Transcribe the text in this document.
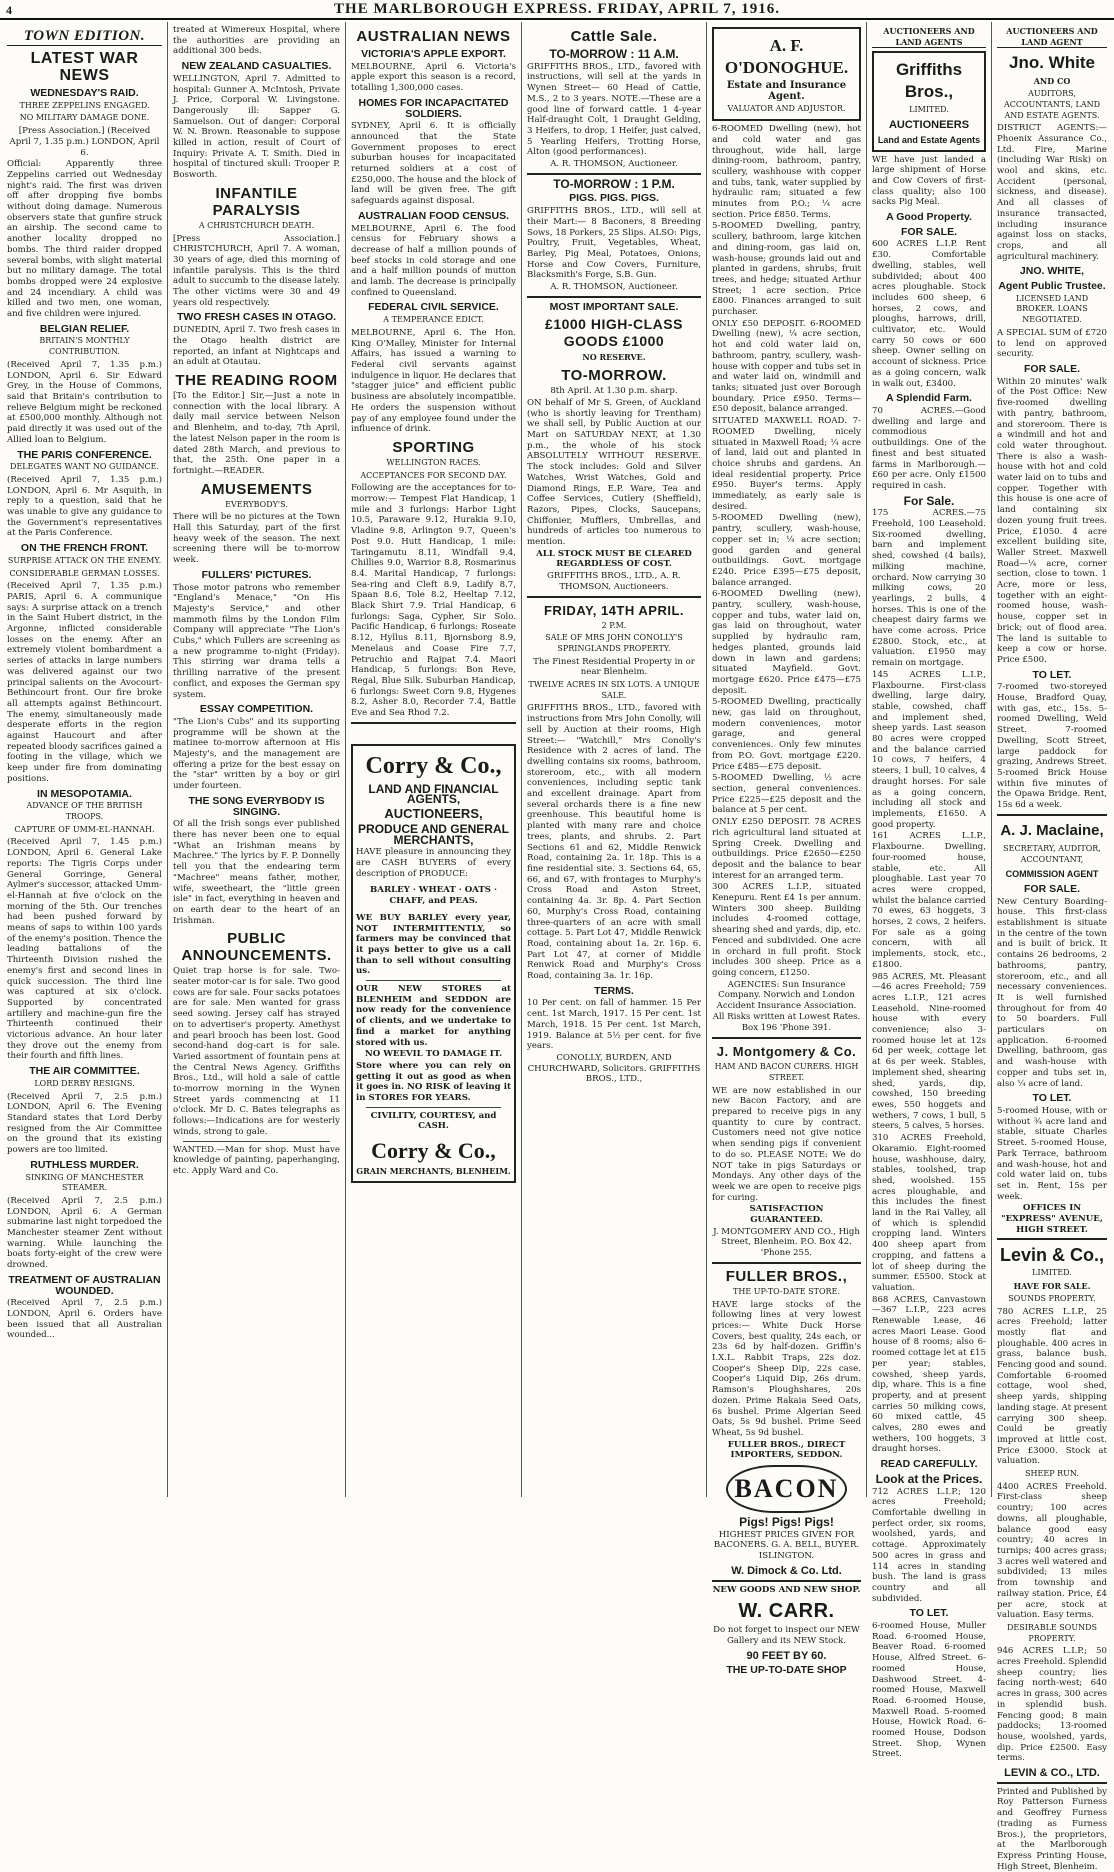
4	THE MARLBOROUGH EXPRESS. FRIDAY, APRIL 7, 1916.
TOWN EDITION.
LATEST WAR NEWS
WEDNESDAY'S RAID.
THREE ZEPPELINS ENGAGED.
NO MILITARY DAMAGE DONE.

[Press Association.] (Received April 7, 1.35 p.m.) LONDON, April 6.

Official: Apparently three Zeppelins carried out Wednesday night's raid. The first was driven off after dropping five bombs without doing damage. Numerous observers state that gunfire struck an airship. The second came to another locality dropped no bombs. The third raider dropped several bombs, with slight material but no military damage. The total bombs dropped were 24 explosive and 24 incendiary. A child was killed and two men, one woman, and five children were injured.

BELGIAN RELIEF.
BRITAIN'S MONTHLY CONTRIBUTION.

(Received April 7, 1.35 p.m.) LONDON, April 6. Sir Edward Grey, in the House of Commons, said that Britain's contribution to relieve Belgium might be reckoned at £500,000 monthly. Although not paid directly it was used out of the Allied loan to Belgium.

THE PARIS CONFERENCE.
DELEGATES WANT NO GUIDANCE.

(Received April 7, 1.35 p.m.) LONDON, April 6. Mr Asquith, in reply to a question, said that he was unable to give any guidance to the Government's representatives at the Paris Conference.

ON THE FRENCH FRONT.
SURPRISE ATTACK ON THE ENEMY.
CONSIDERABLE GERMAN LOSSES.

(Received April 7, 1.35 p.m.) PARIS, April 6. A communique says: A surprise attack on a trench in the Saint Hubert district, in the Argonne, inflicted considerable losses on the enemy. After an extremely violent bombardment a series of attacks in large numbers was delivered against our two principal salients on the Avocourt-Bethincourt front. Our fire broke all attempts against Bethincourt. The enemy, simultaneously made desperate efforts in the region against Haucourt and after repeated bloody sacrifices gained a footing in the village, which we keep under fire from dominating positions.

IN MESOPOTAMIA.
ADVANCE OF THE BRITISH TROOPS.
CAPTURE OF UMM-EL-HANNAH.

(Received April 7, 1.45 p.m.) LONDON, April 6. General Lake reports: The Tigris Corps under General Gorringe, General Aylmer's successor, attacked Umm-el-Hannah at five o'clock on the morning of the 5th. Our trenches had been pushed forward by means of saps to within 100 yards of the enemy's position. Thence the leading battalions of the Thirteenth Division rushed the enemy's first and second lines in quick succession. The third line was captured at six o'clock. Supported by concentrated artillery and machine-gun fire the Thirteenth continued their victorious advance. An hour later they drove out the enemy from their fourth and fifth lines.

THE AIR COMMITTEE.
LORD DERBY RESIGNS.

(Received April 7, 2.5 p.m.) LONDON, April 6. The Evening Standard states that Lord Derby resigned from the Air Committee on the ground that its existing powers are too limited.

RUTHLESS MURDER.
SINKING OF MANCHESTER STEAMER.

(Received April 7, 2.5 p.m.) LONDON, April 6. A German submarine last night torpedoed the Manchester steamer Zent without warning. While launching the boats forty-eight of the crew were drowned.

TREATMENT OF AUSTRALIAN WOUNDED.

(Received April 7, 2.5 p.m.) LONDON, April 6. Orders have been issued that all Australian wounded...

treated at Wimereux Hospital, where the authorities are providing an additional 300 beds.

NEW ZEALAND CASUALTIES.

WELLINGTON, April 7. Admitted to hospital: Gunner A. McIntosh, Private J. Price, Corporal W. Livingstone. Dangerously ill: Sapper G. Samuelson. Out of danger: Corporal W. N. Brown. Reasonable to suppose killed in action, result of Court of Inquiry: Private A. T. Smith. Died in hospital of tinctured skull: Trooper P. Bosworth.

INFANTILE PARALYSIS
A CHRISTCHURCH DEATH.

[Press Association.] CHRISTCHURCH, April 7. A woman, 30 years of age, died this morning of infantile paralysis. This is the third adult to succumb to the disease lately. The other victims were 30 and 49 years old respectively.

TWO FRESH CASES IN OTAGO.

DUNEDIN, April 7. Two fresh cases in the Otago health district are reported, an infant at Nightcaps and an adult at Otautau.

THE READING ROOM

[To the Editor.] Sir,—Just a note in connection with the local library. A daily mail service between Nelson and Blenheim, and to-day, 7th April, the latest Nelson paper in the room is dated 28th March, and previous to that, the 25th. One paper in a fortnight.—READER.

AMUSEMENTS
EVERYBODY'S.

There will be no pictures at the Town Hall this Saturday, part of the first heavy week of the season. The next screening there will be to-morrow week.

FULLERS' PICTURES.

Those motor patrons who remember "England's Menace," "On His Majesty's Service," and other mammoth films by the London Film Company will appreciate "The Lion's Cubs," which Fullers are screening as a new programme to-night (Friday). This stirring war drama tells a thrilling narrative of the present conflict, and exposes the German spy system.

ESSAY COMPETITION.

"The Lion's Cubs" and its supporting programme will be shown at the matinee to-morrow afternoon at His Majesty's, and the management are offering a prize for the best essay on the "star" written by a boy or girl under fourteen.

THE SONG EVERYBODY IS SINGING.

Of all the Irish songs ever published there has never been one to equal "What an Irishman means by Machree." The lyrics by F. P. Donnelly tell you that the endearing term "Machree" means father, mother, wife, sweetheart, the "little green isle" in fact, everything in heaven and on earth dear to the heart of an Irishman.

PUBLIC ANNOUNCEMENTS.

Quiet trap horse is for sale. Two-seater motor-car is for sale. Two good cows are for sale. Four sacks potatoes are for sale. Men wanted for grass seed sowing. Jersey calf has strayed on to advertiser's property. Amethyst and pearl brooch has been lost. Good second-hand dog-cart is for sale. Varied assortment of fountain pens at the Central News Agency. Griffiths Bros., Ltd., will hold a sale of cattle to-morrow morning in the Wynen Street yards commencing at 11 o'clock. Mr D. C. Bates telegraphs as follows:—Indications are for westerly winds, strong to gale.

WANTED.—Man for shop. Must have knowledge of painting, paperhanging, etc. Apply Ward and Co.

AUSTRALIAN NEWS
VICTORIA'S APPLE EXPORT.

MELBOURNE, April 6. Victoria's apple export this season is a record, totalling 1,300,000 cases.

HOMES FOR INCAPACITATED SOLDIERS.

SYDNEY, April 6. It is officially announced that the State Government proposes to erect suburban houses for incapacitated returned soldiers at a cost of £250,000. The house and the block of land will be given free. The gift safeguards against disposal.

AUSTRALIAN FOOD CENSUS.

MELBOURNE, April 6. The food census for February shows a decrease of half a million pounds of beef stocks in cold storage and one and a half million pounds of mutton and lamb. The decrease is principally confined to Queensland.

FEDERAL CIVIL SERVICE.
A TEMPERANCE EDICT.

MELBOURNE, April 6. The Hon. King O'Malley, Minister for Internal Affairs, has issued a warning to Federal civil servants against indulgence in liquor. He declares that "stagger juice" and efficient public business are absolutely incompatible. He orders the suspension without pay of any employee found under the influence of drink.

SPORTING
WELLINGTON RACES.
ACCEPTANCES FOR SECOND DAY.

Following are the acceptances for to-morrow:— Tempest Flat Handicap, 1 mile and 3 furlongs: Harbor Light 10.5, Paraware 9.12, Hurakia 9.10, Vladine 9.8, Arlington 9.7, Queen's Post 9.0. Hutt Handicap, 1 mile: Taringamutu 8.11, Windfall 9.4, Chillies 9.0, Warrior 8.8, Rosmarinus 8.4. Marital Handicap, 7 furlongs: Sea-ring and Cleft 8.9, Ladify 8.7, Spaan 8.6, Tole 8.2, Heeltap 7.12, Black Shirt 7.9. Trial Handicap, 6 furlongs: Saga, Cypher, Sir Solo. Pacific Handicap, 6 furlongs: Roseate 8.12, Hyllus 8.11, Bjornsborg 8.9, Menelaus and Coase Fire 7.7, Petruchio and Rajpat 7.4. Maori Handicap, 5 furlongs: Bon Reve, Regal, Blue Silk. Suburban Handicap, 6 furlongs: Sweet Corn 9.8, Hygenes 8.2, Asher 8.0, Recorder 7.4, Battle Eve and Sea Rhod 7.2.

Corry & Co.,
LAND AND FINANCIAL AGENTS,
AUCTIONEERS,
PRODUCE AND GENERAL MERCHANTS,

HAVE pleasure in announcing they are CASH BUYERS of every description of PRODUCE:

BARLEY · WHEAT · OATS · CHAFF, and PEAS.

WE BUY BARLEY every year, NOT INTERMITTENTLY, so farmers may be convinced that it pays better to give us a call than to sell without consulting us.

OUR NEW STORES at BLENHEIM and SEDDON are now ready for the convenience of clients, and we undertake to find a market for anything stored with us.

NO WEEVIL TO DAMAGE IT.

Store where you can rely on getting it out as good as when it goes in. NO RISK of leaving it in STORES FOR YEARS.

CIVILITY, COURTESY, and CASH.

Corry & Co.,
GRAIN MERCHANTS, BLENHEIM.
Cattle Sale.
TO-MORROW : 11 A.M.

GRIFFITHS BROS., LTD., favored with instructions, will sell at the yards in Wynen Street— 60 Head of Cattle, M.S., 2 to 3 years. NOTE.—These are a good line of forward cattle. 1 4-year Half-draught Colt, 1 Draught Gelding, 3 Heifers, to drop, 1 Heifer, just calved, 5 Yearling Heifers, Trotting Horse, Alton (good performances).

A. R. THOMSON, Auctioneer.

TO-MORROW : 1 P.M.
PIGS. PIGS. PIGS.

GRIFFITHS BROS., LTD., will sell at their Mart:— 8 Baconers, 8 Breeding Sows, 18 Porkers, 25 Slips. ALSO: Pigs, Poultry, Fruit, Vegetables, Wheat, Barley, Pig Meal, Potatoes, Onions, Horse and Cow Covers, Furniture, Blacksmith's Forge, S.B. Gun.

A. R. THOMSON, Auctioneer.

MOST IMPORTANT SALE.
£1000 HIGH-CLASS GOODS £1000
NO RESERVE.
TO-MORROW.

8th April. At 1.30 p.m. sharp.

ON behalf of Mr S. Green, of Auckland (who is shortly leaving for Trentham) we shall sell, by Public Auction at our Mart on SATURDAY NEXT, at 1.30 p.m., the whole of his stock ABSOLUTELY WITHOUT RESERVE. The stock includes: Gold and Silver Watches, Wrist Watches, Gold and Diamond Rings, E.P. Ware, Tea and Coffee Services, Cutlery (Sheffield), Razors, Pipes, Clocks, Saucepans, Chiffonier, Mufflers, Umbrellas, and hundreds of articles too numerous to mention.

ALL STOCK MUST BE CLEARED REGARDLESS OF COST.

GRIFFITHS BROS., LTD., A. R. THOMSON, Auctioneers.

FRIDAY, 14TH APRIL.
2 P.M.
SALE OF MRS JOHN CONOLLY'S SPRINGLANDS PROPERTY.

The Finest Residential Property in or near Blenheim.

TWELVE ACRES IN SIX LOTS. A UNIQUE SALE.

GRIFFITHS BROS., LTD., favored with instructions from Mrs John Conolly, will sell by Auction at their rooms, High Street:— "Watchill," Mrs Conolly's Residence with 2 acres of land. The dwelling contains six rooms, bathroom, storeroom, etc., with all modern conveniences, including septic tank and excellent drainage. Apart from several orchards there is a fine new greenhouse. This beautiful home is planted with many rare and choice trees, plants, and shrubs. 2. Part Sections 61 and 62, Middle Renwick Road, containing 2a. 1r. 18p. This is a fine residential site. 3. Sections 64, 65, 66, and 67, with frontages to Murphy's Cross Road and Aston Street, containing 4a. 3r. 8p. 4. Part Section 60, Murphy's Cross Road, containing three-quarters of an acre with small cottage. 5. Part Lot 47, Middle Renwick Road, containing about 1a. 2r. 16p. 6. Part Lot 47, at corner of Middle Renwick Road and Murphy's Cross Road, containing 3a. 1r. 16p.

TERMS.

10 Per cent. on fall of hammer. 15 Per cent. 1st March, 1917. 15 Per cent. 1st March, 1918. 15 Per cent. 1st March, 1919. Balance at 5½ per cent. for five years.

CONOLLY, BURDEN, AND CHURCHWARD, Solicitors. GRIFFITHS BROS., LTD.,

A. F. O'DONOGHUE.
Estate and Insurance Agent.
VALUATOR AND ADJUSTOR.

6-ROOMED Dwelling (new), hot and cold water and gas throughout, wide hall, large dining-room, bathroom, pantry, scullery, washhouse with copper and tubs, tank, water supplied by hydraulic ram; situated a few minutes from P.O.; ¼ acre section. Price £850. Terms.

5-ROOMED Dwelling, pantry, scullery, bathroom, large kitchen and dining-room, gas laid on, wash-house; grounds laid out and planted in gardens, shrubs, fruit trees, and hedge; situated Arthur Street; 1 acre section. Price £800. Finances arranged to suit purchaser.

ONLY £50 DEPOSIT. 6-ROOMED Dwelling (new), ¼ acre section, hot and cold water laid on, bathroom, pantry, scullery, wash-house with copper and tubs set in and water laid on, windmill and tanks; situated just over Borough boundary. Price £950. Terms—£50 deposit, balance arranged.

SITUATED MAXWELL ROAD. 7-ROOMED Dwelling, nicely situated in Maxwell Road; ¼ acre of land, laid out and planted in choice shrubs and gardens. An ideal residential property. Price £950. Buyer's terms. Apply immediately, as early sale is desired.

5-ROOMED Dwelling (new), pantry, scullery, wash-house, copper set in; ¼ acre section; good garden and general outbuildings. Govt. mortgage £240. Price £395—£75 deposit, balance arranged.

6-ROOMED Dwelling (new), pantry, scullery, wash-house, copper and tubs, water laid on, gas laid on throughout, water supplied by hydraulic ram, hedges planted, grounds laid down in lawn and gardens; situated Mayfield. Govt. mortgage £620. Price £475—£75 deposit.

5-ROOMED Dwelling, practically new, gas laid on throughout, modern conveniences, motor garage, and general conveniences. Only few minutes from P.O. Govt. mortgage £220. Price £485—£75 deposit.

5-ROOMED Dwelling, ½ acre section, general conveniences. Price £225—£25 deposit and the balance at 5 per cent.

ONLY £250 DEPOSIT. 78 ACRES rich agricultural land situated at Spring Creek. Dwelling and outbuildings. Price £2650—£250 deposit and the balance to bear interest for an arranged term.

300 ACRES L.I.P., situated Kenepuru. Rent £4 1s per annum. Winters 300 sheep. Building includes 4-roomed cottage, shearing shed and yards, dip, etc. Fenced and subdivided. One acre in orchard in full profit. Stock includes 300 sheep. Price as a going concern, £1250.

AGENCIES: Sun Insurance Company. Norwich and London Accident Insurance Association. All Risks written at Lowest Rates.

Box 196 'Phone 391.

J. Montgomery & Co.
HAM AND BACON CURERS. HIGH STREET.

WE are now established in our new Bacon Factory, and are prepared to receive pigs in any quantity to cure by contract. Customers need not give notice when sending pigs if convenient to do so. PLEASE NOTE: We do NOT take in pigs Saturdays or Mondays. Any other days of the week we are open to receive pigs for curing.

SATISFACTION GUARANTEED.

J. MONTGOMERY AND CO., High Street, Blenheim. P.O. Box 42. 'Phone 255.

FULLER BROS.,
THE UP-TO-DATE STORE.

HAVE large stocks of the following lines at very lowest prices:— White Duck Horse Covers, best quality, 24s each, or 23s 6d by half-dozen. Griffin's I.X.L. Rabbit Traps, 22s doz. Cooper's Sheep Dip, 22s case. Cooper's Liquid Dip, 26s drum. Ramson's Ploughshares, 20s dozen. Prime Rakaia Seed Oats, 6s bushel. Prime Algerian Seed Oats, 5s 9d bushel. Prime Seed Wheat, 5s 9d bushel.

FULLER BROS., DIRECT IMPORTERS, SEDDON.

BACON
Pigs! Pigs! Pigs!

HIGHEST PRICES GIVEN FOR BACONERS. G. A. BELL, BUYER. ISLINGTON.

W. Dimock & Co. Ltd.

NEW GOODS AND NEW SHOP.

W. CARR.

Do not forget to inspect our NEW Gallery and its NEW Stock.

90 FEET BY 60.
THE UP-TO-DATE SHOP
AUCTIONEERS AND LAND AGENTS
Griffiths Bros.,
LIMITED.
AUCTIONEERS
Land and Estate Agents

WE have just landed a large shipment of Horse and Cow Covers of first-class quality; also 100 sacks Pig Meal.

A Good Property.
FOR SALE.

600 ACRES L.I.P. Rent £30. Comfortable dwelling, stables, well subdivided; about 400 acres ploughable. Stock includes 600 sheep, 6 horses, 2 cows, and ploughs, harrows, drill, cultivator, etc. Would carry 50 cows or 600 sheep. Owner selling on account of sickness. Price as a going concern, walk in walk out, £3400.

A Splendid Farm.

70 ACRES.—Good dwelling and large and commodious outbuildings. One of the finest and best situated farms in Marlborough.—£60 per acre. Only £1500 required in cash.

For Sale.

175 ACRES.—75 Freehold, 100 Leasehold. Six-roomed dwelling, barn and implement shed, cowshed (4 bails), milking machine, orchard. Now carrying 30 milking cows, 20 yearlings, 2 bulls, 4 horses. This is one of the cheapest dairy farms we have come across. Price £2800. Stock, etc., at valuation. £1950 may remain on mortgage.

145 ACRES L.I.P., Flaxbourne. First-class dwelling, large dairy, stable, cowshed, chaff and implement shed, sheep yards. Last season 80 acres were cropped and the balance carried 10 cows, 7 heifers, 4 steers, 1 bull, 10 calves, 4 draught horses. For sale as a going concern, including all stock and implements, £1650. A good property.

161 ACRES L.I.P., Flaxbourne. Dwelling, four-roomed house, stable, etc. All ploughable. Last year 70 acres were cropped, whilst the balance carried 70 ewes, 63 hoggets, 3 horses, 2 cows, 2 heifers. For sale as a going concern, with all implements, stock, etc., £1800.

985 ACRES, Mt. Pleasant—46 acres Freehold; 759 acres L.I.P., 121 acres Leasehold. Nine-roomed house with every convenience; also 3-roomed house let at 12s 6d per week, cottage let at 6s per week. Stables, implement shed, shearing shed, yards, dip, cowshed, 150 breeding ewes, 550 hoggets and wethers, 7 cows, 1 bull, 5 steers, 5 calves, 5 horses.

310 ACRES Freehold, Okaramio. Eight-roomed house, washhouse, dairy, stables, toolshed, trap shed, woolshed. 155 acres ploughable, and this includes the finest land in the Rai Valley, all of which is splendid cropping land. Winters 400 sheep apart from cropping, and fattens a lot of sheep during the summer. £5500. Stock at valuation.

868 ACRES, Canvastown—367 L.I.P., 223 acres Renewable Lease, 46 acres Maori Lease. Good house of 8 rooms; also 6-roomed cottage let at £15 per year; stables, cowshed, sheep yards, dip, whare. This is a fine property, and at present carries 50 milking cows, 60 mixed cattle, 45 calves, 280 ewes and wethers, 100 hoggets, 3 draught horses.

READ CAREFULLY.
Look at the Prices.

712 ACRES L.I.P.; 120 acres Freehold; Comfortable dwelling in perfect order, six rooms, woolshed, yards, and cottage. Approximately 500 acres in grass and 114 acres in standing bush. The land is grass country and all subdivided.

TO LET.

6-roomed House, Muller Road. 6-roomed House, Beaver Road. 6-roomed House, Alfred Street. 6-roomed House, Dashwood Street. 4-roomed House, Maxwell Road. 6-roomed House, Maxwell Road. 5-roomed House, Howick Road. 6-roomed House, Dodson Street. Shop, Wynen Street.

AUCTIONEERS AND LAND AGENT
Jno. White
AND CO
AUDITORS, ACCOUNTANTS, LAND AND ESTATE AGENTS.

DISTRICT AGENTS:— Phoenix Assurance Co., Ltd. Fire, Marine (including War Risk) on wool and skins, etc. Accident (personal, sickness, and disease). And all classes of insurance transacted, including insurance against loss on stacks, crops, and all agricultural machinery.

JNO. WHITE,
Agent Public Trustee.
LICENSED LAND BROKER. LOANS NEGOTIATED.

A SPECIAL SUM of £720 to lend on approved security.

FOR SALE.

Within 20 minutes' walk of the Post Office: New five-roomed dwelling with pantry, bathroom, and storeroom. There is a windmill and hot and cold water throughout. There is also a wash-house with hot and cold water laid on to tubs and copper. Together with this house is one acre of land containing six dozen young fruit trees. Price, £1050. 4 acre excellent building site, Waller Street. Maxwell Road—¼ acre, corner section, close to town. 1 Acre, more or less, together with an eight-roomed house, wash-house, copper set in brick; out of flood area. The land is suitable to keep a cow or horse. Price £500.

TO LET.

7-roomed two-storeyed House, Bradford Quay, with gas, etc., 15s. 5-roomed Dwelling, Weld Street. 7-roomed Dwelling, Scott Street, large paddock for grazing, Andrews Street. 5-roomed Brick House within five minutes of the Opawa Bridge. Rent, 15s 6d a week.

A. J. Maclaine,
SECRETARY, AUDITOR, ACCOUNTANT,
COMMISSION AGENT
FOR SALE.

New Century Boarding-house. This first-class establishment is situate in the centre of the town and is built of brick. It contains 26 bedrooms, 2 bathrooms, pantry, storeroom, etc., and all necessary conveniences. It is well furnished throughout for from 40 to 50 boarders. Full particulars on application. 6-roomed Dwelling, bathroom, gas and wash-house with copper and tubs set in, also ¼ acre of land.

TO LET.

5-roomed House, with or without ¾ acre land and stable, situate Charles Street. 5-roomed House, Park Terrace, bathroom and wash-house, hot and cold water laid on, tubs set in. Rent, 15s per week.

OFFICES IN "EXPRESS" AVENUE, HIGH STREET.

Levin & Co.,
LIMITED.
HAVE FOR SALE.
SOUNDS PROPERTY.

780 ACRES L.I.P., 25 acres Freehold; latter mostly flat and ploughable. 400 acres in grass, balance bush. Fencing good and sound. Comfortable 6-roomed cottage, wool shed, sheep yards, shipping landing stage. At present carrying 300 sheep. Could be greatly improved at little cost. Price £3000. Stock at valuation.

SHEEP RUN.

4400 ACRES Freehold. First-class sheep country; 100 acres downs, all ploughable, balance good easy country; 40 acres in turnips; 400 acres grass; 3 acres well watered and subdivided; 13 miles from township and railway station. Price, £4 per acre, stock at valuation. Easy terms.

DESIRABLE SOUNDS PROPERTY.

946 ACRES L.I.P.; 50 acres Freehold. Splendid sheep country; lies facing north-west; 640 acres in grass, 300 acres in splendid bush. Fencing good; 8 main paddocks; 13-roomed house, woolshed, yards, dip. Price £2500. Easy terms.

LEVIN & CO., LTD.

Printed and Published by Roy Patterson Furness and Geoffrey Furness (trading as Furness Bros.), the proprietors, at the Marlborough Express Printing House, High Street, Blenheim.
